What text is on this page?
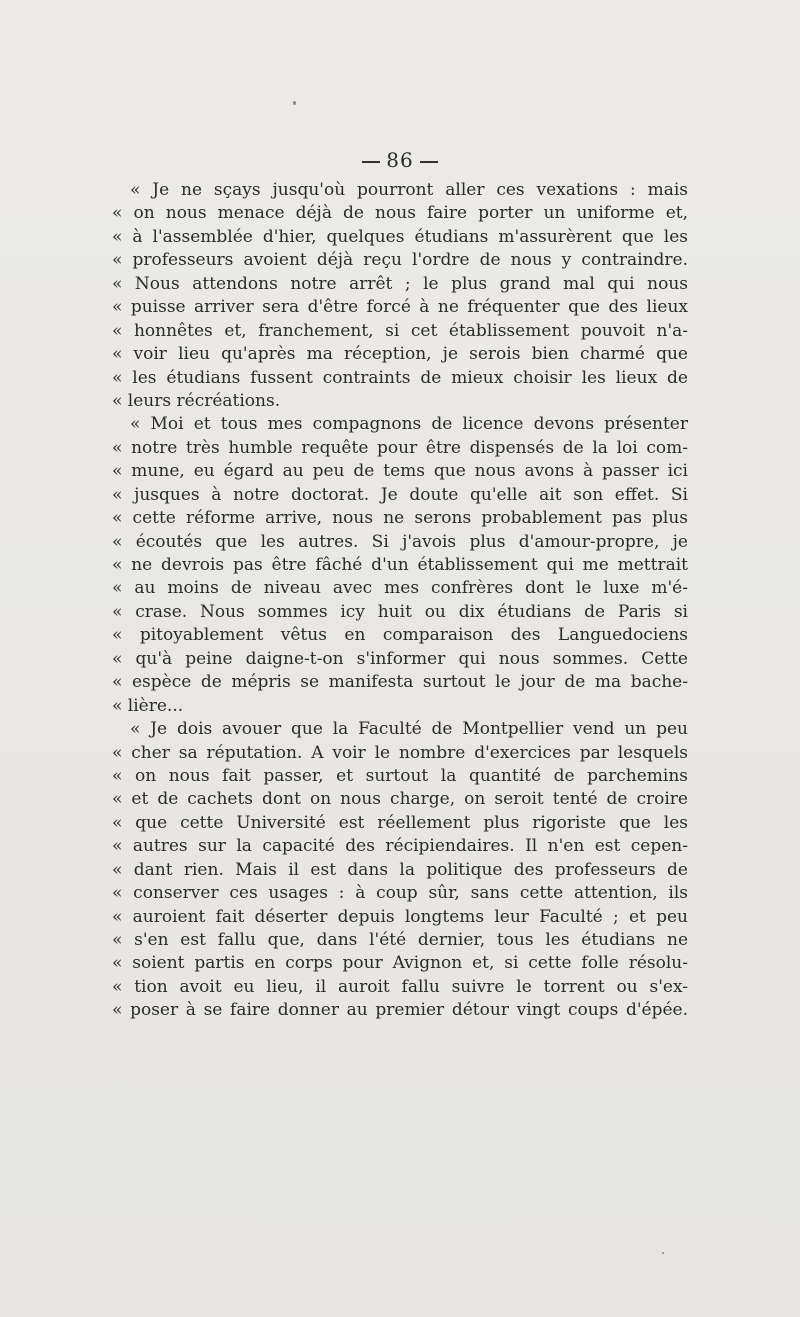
86
« Je ne sçays jusqu'où pourront aller ces vexations : mais
« on nous menace déjà de nous faire porter un uniforme et,
« à l'assemblée d'hier, quelques étudians m'assurèrent que les
« professeurs avoient déjà reçu l'ordre de nous y contraindre.
« Nous attendons notre arrêt ; le plus grand mal qui nous
« puisse arriver sera d'être forcé à ne fréquenter que des lieux
« honnêtes et, franchement, si cet établissement pouvoit n'a-
« voir lieu qu'après ma réception, je serois bien charmé que
« les étudians fussent contraints de mieux choisir les lieux de
« leurs récréations.
« Moi et tous mes compagnons de licence devons présenter
« notre très humble requête pour être dispensés de la loi com-
« mune, eu égard au peu de tems que nous avons à passer ici
« jusques à notre doctorat. Je doute qu'elle ait son effet. Si
« cette réforme arrive, nous ne serons probablement pas plus
« écoutés que les autres. Si j'avois plus d'amour-propre, je
« ne devrois pas être fâché d'un établissement qui me mettrait
« au moins de niveau avec mes confrères dont le luxe m'é-
« crase. Nous sommes icy huit ou dix étudians de Paris si
« pitoyablement vêtus en comparaison des Languedociens
« qu'à peine daigne-t-on s'informer qui nous sommes. Cette
« espèce de mépris se manifesta surtout le jour de ma bache-
« lière...
« Je dois avouer que la Faculté de Montpellier vend un peu
« cher sa réputation. A voir le nombre d'exercices par lesquels
« on nous fait passer, et surtout la quantité de parchemins
« et de cachets dont on nous charge, on seroit tenté de croire
« que cette Université est réellement plus rigoriste que les
« autres sur la capacité des récipiendaires. Il n'en est cepen-
« dant rien. Mais il est dans la politique des professeurs de
« conserver ces usages : à coup sûr, sans cette attention, ils
« auroient fait déserter depuis longtems leur Faculté ; et peu
« s'en est fallu que, dans l'été dernier, tous les étudians ne
« soient partis en corps pour Avignon et, si cette folle résolu-
« tion avoit eu lieu, il auroit fallu suivre le torrent ou s'ex-
« poser à se faire donner au premier détour vingt coups d'épée.
